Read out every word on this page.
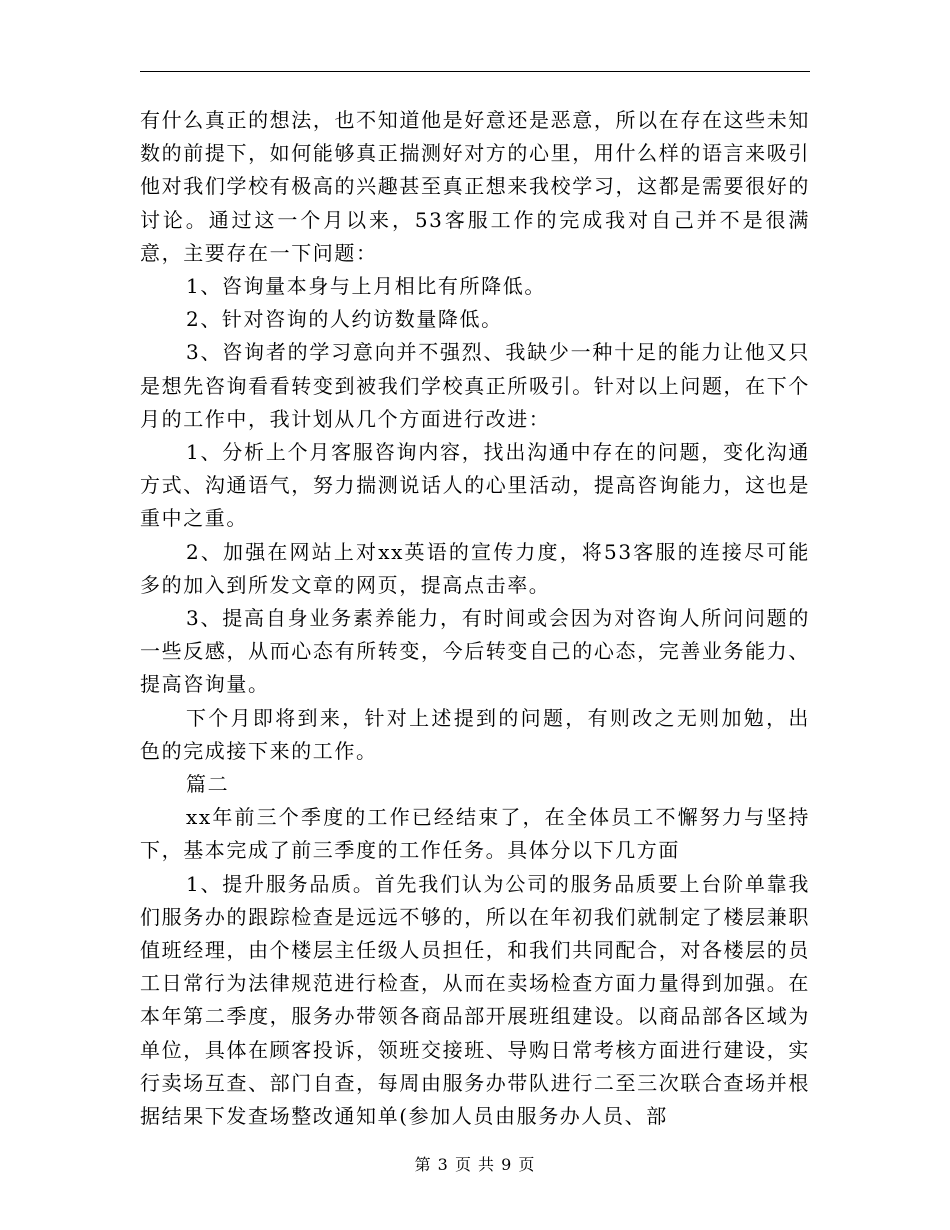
有什么真正的想法，也不知道他是好意还是恶意，所以在存在这些未知数的前提下，如何能够真正揣测好对方的心里，用什么样的语言来吸引他对我们学校有极高的兴趣甚至真正想来我校学习，这都是需要很好的讨论。通过这一个月以来，53客服工作的完成我对自己并不是很满意，主要存在一下问题：

1、咨询量本身与上月相比有所降低。

2、针对咨询的人约访数量降低。

3、咨询者的学习意向并不强烈、我缺少一种十足的能力让他又只是想先咨询看看转变到被我们学校真正所吸引。针对以上问题，在下个月的工作中，我计划从几个方面进行改进：

1、分析上个月客服咨询内容，找出沟通中存在的问题，变化沟通方式、沟通语气，努力揣测说话人的心里活动，提高咨询能力，这也是重中之重。

2、加强在网站上对xx英语的宣传力度，将53客服的连接尽可能多的加入到所发文章的网页，提高点击率。

3、提高自身业务素养能力，有时间或会因为对咨询人所问问题的一些反感，从而心态有所转变，今后转变自己的心态，完善业务能力、提高咨询量。

下个月即将到来，针对上述提到的问题，有则改之无则加勉，出色的完成接下来的工作。

篇二

xx年前三个季度的工作已经结束了，在全体员工不懈努力与坚持下，基本完成了前三季度的工作任务。具体分以下几方面

1、提升服务品质。首先我们认为公司的服务品质要上台阶单靠我们服务办的跟踪检查是远远不够的，所以在年初我们就制定了楼层兼职值班经理，由个楼层主任级人员担任，和我们共同配合，对各楼层的员工日常行为法律规范进行检查，从而在卖场检查方面力量得到加强。在本年第二季度，服务办带领各商品部开展班组建设。以商品部各区域为单位，具体在顾客投诉，领班交接班、导购日常考核方面进行建设，实行卖场互查、部门自查，每周由服务办带队进行二至三次联合查场并根据结果下发查场整改通知单(参加人员由服务办人员、部

第 3 页 共 9 页
